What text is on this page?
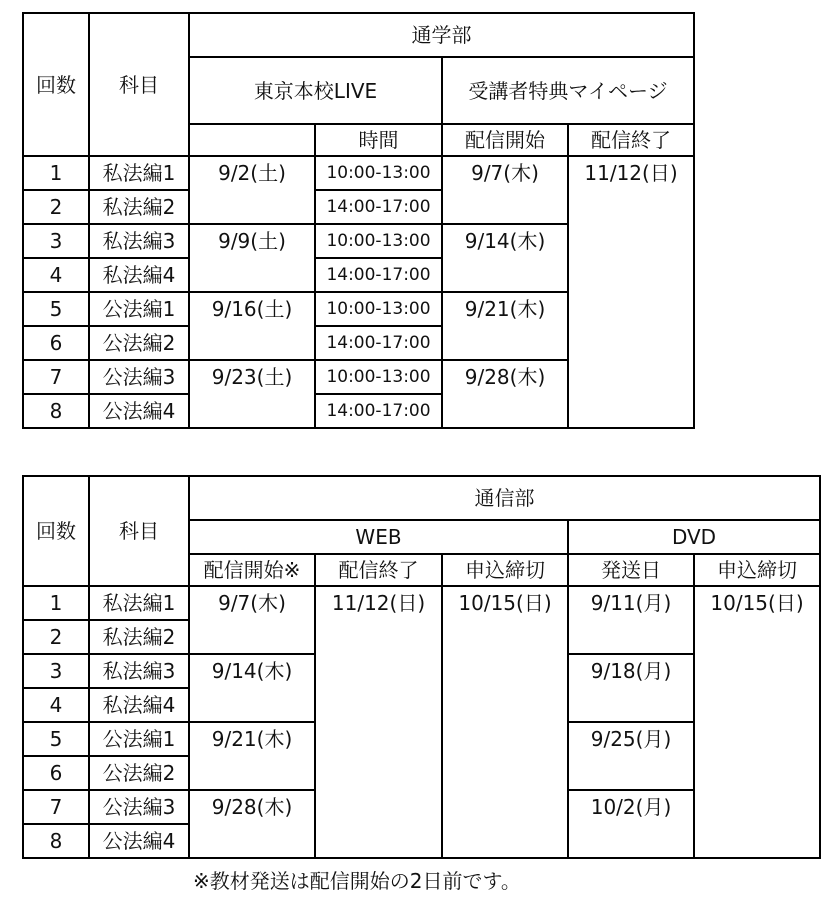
回数	科目	通学部			
		東京本校LIVE		受講者特典マイページ	
			時間	配信開始	配信終了
1	私法編1	9/2(土)	10:00-13:00	9/7(木)	11/12(日)
2	私法編2		14:00-17:00		
3	私法編3	9/9(土)	10:00-13:00	9/14(木)	
4	私法編4		14:00-17:00		
5	公法編1	9/16(土)	10:00-13:00	9/21(木)	
6	公法編2		14:00-17:00		
7	公法編3	9/23(土)	10:00-13:00	9/28(木)	
8	公法編4		14:00-17:00		
回数	科目	通信部				
		WEB			DVD	
		配信開始※	配信終了	申込締切	発送日	申込締切
1	私法編1	9/7(木)	11/12(日)	10/15(日)	9/11(月)	10/15(日)
2	私法編2					
3	私法編3	9/14(木)			9/18(月)	
4	私法編4					
5	公法編1	9/21(木)			9/25(月)	
6	公法編2					
7	公法編3	9/28(木)			10/2(月)	
8	公法編4					
※教材発送は配信開始の2日前です。
